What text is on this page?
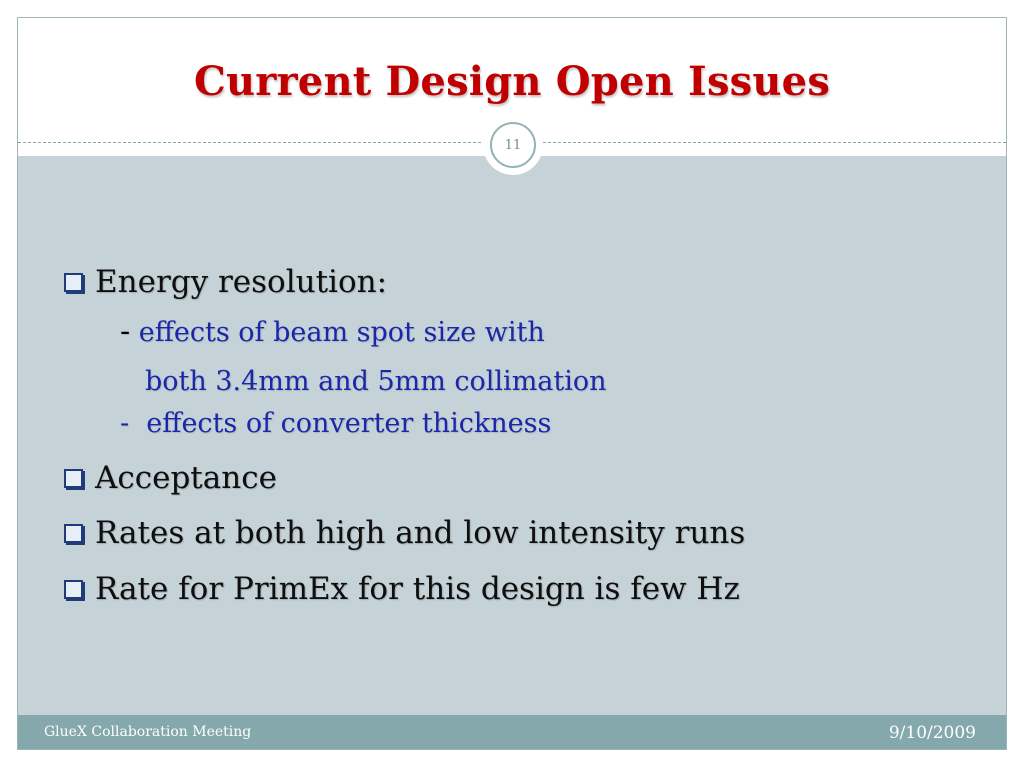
Current Design Open Issues
11
Energy resolution:
- effects of beam spot size with
both 3.4mm and 5mm collimation
- effects of converter thickness
Acceptance
Rates at both high and low intensity runs
Rate for PrimEx for this design is few Hz
GlueX Collaboration Meeting	9/10/2009
